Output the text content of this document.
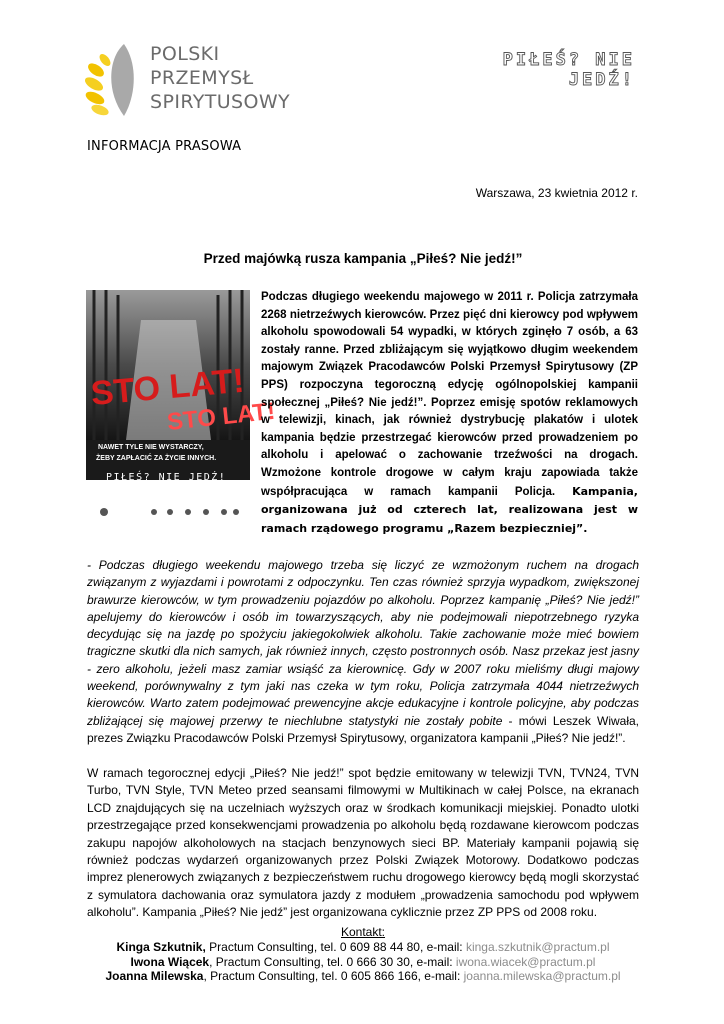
POLSKI
PRZEMYSŁ
SPIRYTUSOWY
PIŁEŚ? NIE JEDŹ!
INFORMACJA PRASOWA
Warszawa, 23 kwietnia 2012 r.
Przed majówką rusza kampania „Piłeś? Nie jedź!”
STO LAT!
STO LAT!
NAWET TYLE NIE WYSTARCZY,
ŻEBY ZAPŁACIĆ ZA ŻYCIE INNYCH.
PIŁEŚ? NIE JEDŹ!
Podczas długiego weekendu majowego w 2011 r. Policja zatrzymała 2268 nietrzeźwych kierowców. Przez pięć dni kierowcy pod wpływem alkoholu spowodowali 54 wypadki, w których zginęło 7 osób, a 63 zostały ranne. Przed zbliżającym się wyjątkowo długim weekendem majowym Związek Pracodawców Polski Przemysł Spirytusowy (ZP PPS) rozpoczyna tegoroczną edycję ogólnopolskiej kampanii społecznej „Piłeś? Nie jedź!”. Poprzez emisję spotów reklamowych w telewizji, kinach, jak również dystrybucję plakatów i ulotek kampania będzie przestrzegać kierowców przed prowadzeniem po alkoholu i apelować o zachowanie trzeźwości na drogach. Wzmożone kontrole drogowe w całym kraju zapowiada także współpracująca w ramach kampanii Policja. Kampania, organizowana już od czterech lat, realizowana jest w ramach rządowego programu „Razem bezpieczniej”.
- Podczas długiego weekendu majowego trzeba się liczyć ze wzmożonym ruchem na drogach związanym z wyjazdami i powrotami z odpoczynku. Ten czas również sprzyja wypadkom, zwiększonej brawurze kierowców, w tym prowadzeniu pojazdów po alkoholu. Poprzez kampanię „Piłeś? Nie jedź!” apelujemy do kierowców i osób im towarzyszących, aby nie podejmowali niepotrzebnego ryzyka decydując się na jazdę po spożyciu jakiegokolwiek alkoholu. Takie zachowanie może mieć bowiem tragiczne skutki dla nich samych, jak również innych, często postronnych osób. Nasz przekaz jest jasny - zero alkoholu, jeżeli masz zamiar wsiąść za kierownicę. Gdy w 2007 roku mieliśmy długi majowy weekend, porównywalny z tym jaki nas czeka w tym roku, Policja zatrzymała 4044 nietrzeźwych kierowców. Warto zatem podejmować prewencyjne akcje edukacyjne i kontrole policyjne, aby podczas zbliżającej się majowej przerwy te niechlubne statystyki nie zostały pobite - mówi Leszek Wiwała, prezes Związku Pracodawców Polski Przemysł Spirytusowy, organizatora kampanii „Piłeś? Nie jedź!”.
W ramach tegorocznej edycji „Piłeś? Nie jedź!” spot będzie emitowany w telewizji TVN, TVN24, TVN Turbo, TVN Style, TVN Meteo przed seansami filmowymi w Multikinach w całej Polsce, na ekranach LCD znajdujących się na uczelniach wyższych oraz w środkach komunikacji miejskiej. Ponadto ulotki przestrzegające przed konsekwencjami prowadzenia po alkoholu będą rozdawane kierowcom podczas zakupu napojów alkoholowych na stacjach benzynowych sieci BP. Materiały kampanii pojawią się również podczas wydarzeń organizowanych przez Polski Związek Motorowy. Dodatkowo podczas imprez plenerowych związanych z bezpieczeństwem ruchu drogowego kierowcy będą mogli skorzystać z symulatora dachowania oraz symulatora jazdy z modułem „prowadzenia samochodu pod wpływem alkoholu”. Kampania „Piłeś? Nie jedź” jest organizowana cyklicznie przez ZP PPS od 2008 roku.
Kontakt:
Kinga Szkutnik, Practum Consulting, tel. 0 609 88 44 80, e-mail: kinga.szkutnik@practum.pl
Iwona Wiącek, Practum Consulting, tel. 0 666 30 30, e-mail: iwona.wiacek@practum.pl
Joanna Milewska, Practum Consulting, tel. 0 605 866 166, e-mail: joanna.milewska@practum.pl
